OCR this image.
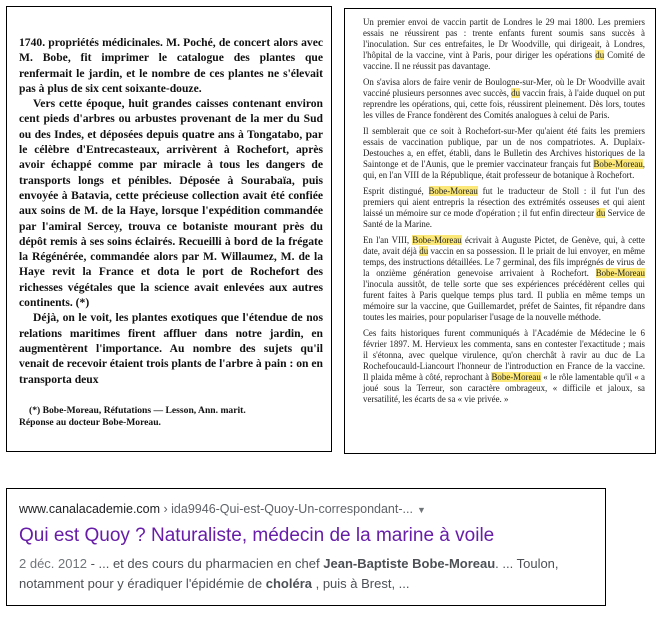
1740. propriétés médicinales. M. Poché, de concert alors avec M. Bobe, fit imprimer le catalogue des plantes que renfermait le jardin, et le nombre de ces plantes ne s'élevait pas à plus de six cent soixante-douze.

Vers cette époque, huit grandes caisses contenant environ cent pieds d'arbres ou arbustes provenant de la mer du Sud ou des Indes, et déposées depuis quatre ans à Tongatabo, par le célèbre d'Entrecasteaux, arrivèrent à Rochefort, après avoir échappé comme par miracle à tous les dangers de transports longs et pénibles. Déposée à Sourabaïa, puis envoyée à Batavia, cette précieuse collection avait été confiée aux soins de M. de la Haye, lorsque l'expédition commandée par l'amiral Sercey, trouva ce botaniste mourant près du dépôt remis à ses soins éclairés. Recueilli à bord de la frégate la Régénérée, commandée alors par M. Willaumez, M. de la Haye revit la France et dota le port de Rochefort des richesses végétales que la science avait enlevées aux autres continents. (*)

Déjà, on le voit, les plantes exotiques que l'étendue de nos relations maritimes firent affluer dans notre jardin, en augmentèrent l'importance. Au nombre des sujets qu'il venait de recevoir étaient trois plants de l'arbre à pain : on en transporta deux

(*) Bobe-Moreau, Réfutations — Lesson, Ann. marit.
Réponse au docteur Bobe-Moreau.

Un premier envoi de vaccin partit de Londres le 29 mai 1800. Les premiers essais ne réussirent pas : trente enfants furent soumis sans succès à l'inoculation. Sur ces entrefaites, le Dr Woodville, qui dirigeait, à Londres, l'hôpital de la vaccine, vint à Paris, pour diriger les opérations du Comité de vaccine. Il ne réussit pas davantage.

On s'avisa alors de faire venir de Boulogne-sur-Mer, où le Dr Woodville avait vacciné plusieurs personnes avec succès, du vaccin frais, à l'aide duquel on put reprendre les opérations, qui, cette fois, réussirent pleinement. Dès lors, toutes les villes de France fondèrent des Comités analogues à celui de Paris.

Il semblerait que ce soit à Rochefort-sur-Mer qu'aient été faits les premiers essais de vaccination publique, par un de nos compatriotes. A. Duplaix-Destouches a, en effet, établi, dans le Bulletin des Archives historiques de la Saintonge et de l'Aunis, que le premier vaccinateur français fut Bobe-Moreau, qui, en l'an VIII de la République, était professeur de botanique à Rochefort.

Esprit distingué, Bobe-Moreau fut le traducteur de Stoll : il fut l'un des premiers qui aient entrepris la résection des extrémités osseuses et qui aient laissé un mémoire sur ce mode d'opération ; il fut enfin directeur du Service de Santé de la Marine.

En l'an VIII, Bobe-Moreau écrivait à Auguste Pictet, de Genève, qui, à cette date, avait déjà du vaccin en sa possession. Il le priait de lui envoyer, en même temps, des instructions détaillées. Le 7 germinal, des fils imprégnés de virus de la onzième génération genevoise arrivaient à Rochefort. Bobe-Moreau l'inocula aussitôt, de telle sorte que ses expériences précédèrent celles qui furent faites à Paris quelque temps plus tard. Il publia en même temps un mémoire sur la vaccine, que Guillemardet, préfet de Saintes, fit répandre dans toutes les mairies, pour populariser l'usage de la nouvelle méthode.

Ces faits historiques furent communiqués à l'Académie de Médecine le 6 février 1897. M. Hervieux les commenta, sans en contester l'exactitude ; mais il s'étonna, avec quelque virulence, qu'on cherchât à ravir au duc de La Rochefoucauld-Liancourt l'honneur de l'introduction en France de la vaccine. Il plaida même à côté, reprochant à Bobe-Moreau « le rôle lamentable qu'il « a joué sous la Terreur, son caractère ombrageux, « difficile et jaloux, sa versatilité, les écarts de sa « vie privée. »

www.canalacademie.com › ida9946-Qui-est-Quoy-Un-correspondant-... ▼
Qui est Quoy ? Naturaliste, médecin de la marine à voile
2 déc. 2012 - ... et des cours du pharmacien en chef Jean-Baptiste Bobe-Moreau. ... Toulon, notamment pour y éradiquer l'épidémie de choléra , puis à Brest, ...
